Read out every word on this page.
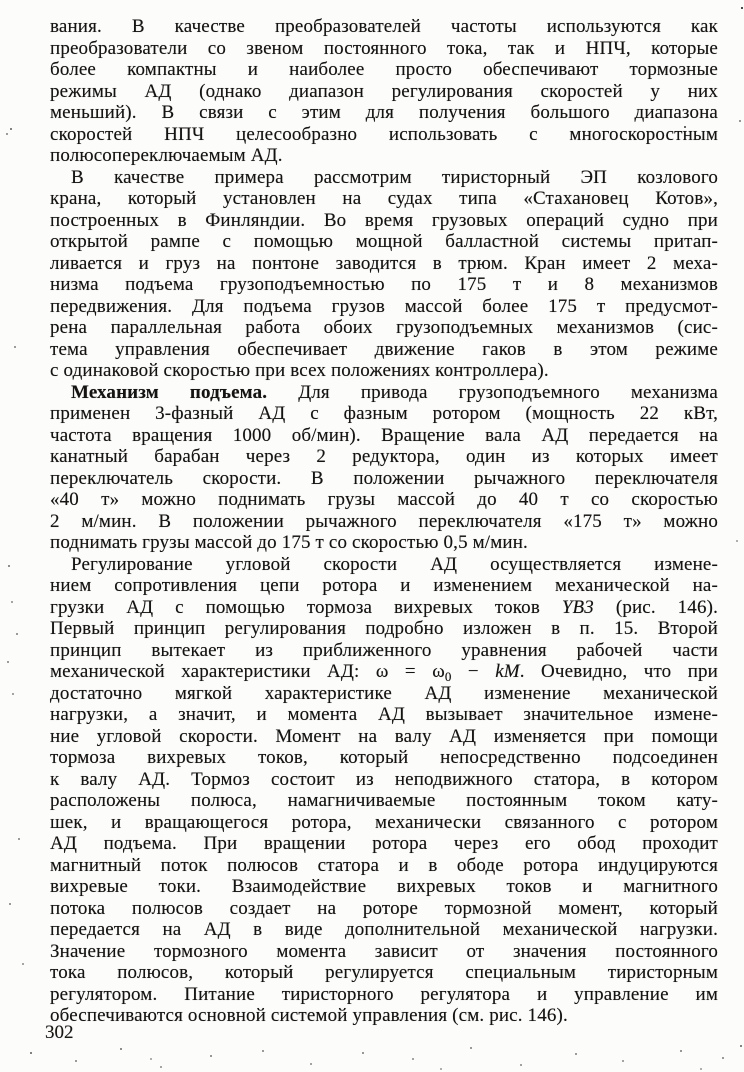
вания. В качестве преобразователей частоты используются как
преобразователи со звеном постоянного тока, так и НПЧ, которые
более компактны и наиболее просто обеспечивают тормозные
режимы АД (однако диапазон регулирования скоростей у них
меньший). В связи с этим для получения большого диапазона
скоростей НПЧ целесообразно использовать с многоскоростным
полюсопереключаемым АД.
В качестве примера рассмотрим тиристорный ЭП козлового
крана, который установлен на судах типа «Стахановец Котов»,
построенных в Финляндии. Во время грузовых операций судно при
открытой рампе с помощью мощной балластной системы притап-
ливается и груз на понтоне заводится в трюм. Кран имеет 2 меха-
низма подъема грузоподъемностью по 175 т и 8 механизмов
передвижения. Для подъема грузов массой более 175 т предусмот-
рена параллельная работа обоих грузоподъемных механизмов (сис-
тема управления обеспечивает движение гаков в этом режиме
с одинаковой скоростью при всех положениях контроллера).
Механизм подъема. Для привода грузоподъемного механизма
применен 3-фазный АД с фазным ротором (мощность 22 кВт,
частота вращения 1000 об/мин). Вращение вала АД передается на
канатный барабан через 2 редуктора, один из которых имеет
переключатель скорости. В положении рычажного переключателя
«40 т» можно поднимать грузы массой до 40 т со скоростью
2 м/мин. В положении рычажного переключателя «175 т» можно
поднимать грузы массой до 175 т со скоростью 0,5 м/мин.
Регулирование угловой скорости АД осуществляется измене-
нием сопротивления цепи ротора и изменением механической на-
грузки АД с помощью тормоза вихревых токов YB3 (рис. 146).
Первый принцип регулирования подробно изложен в п. 15. Второй
принцип вытекает из приближенного уравнения рабочей части
механической характеристики АД: $\omega = \omega_0$ − kM. Очевидно, что при
достаточно мягкой характеристике АД изменение механической
нагрузки, а значит, и момента АД вызывает значительное измене-
ние угловой скорости. Момент на валу АД изменяется при помощи
тормоза вихревых токов, который непосредственно подсоединен
к валу АД. Тормоз состоит из неподвижного статора, в котором
расположены полюса, намагничиваемые постоянным током кату-
шек, и вращающегося ротора, механически связанного с ротором
АД подъема. При вращении ротора через его обод проходит
магнитный поток полюсов статора и в ободе ротора индуцируются
вихревые токи. Взаимодействие вихревых токов и магнитного
потока полюсов создает на роторе тормозной момент, который
передается на АД в виде дополнительной механической нагрузки.
Значение тормозного момента зависит от значения постоянного
тока полюсов, который регулируется специальным тиристорным
регулятором. Питание тиристорного регулятора и управление им
обеспечиваются основной системой управления (см. рис. 146).
302
